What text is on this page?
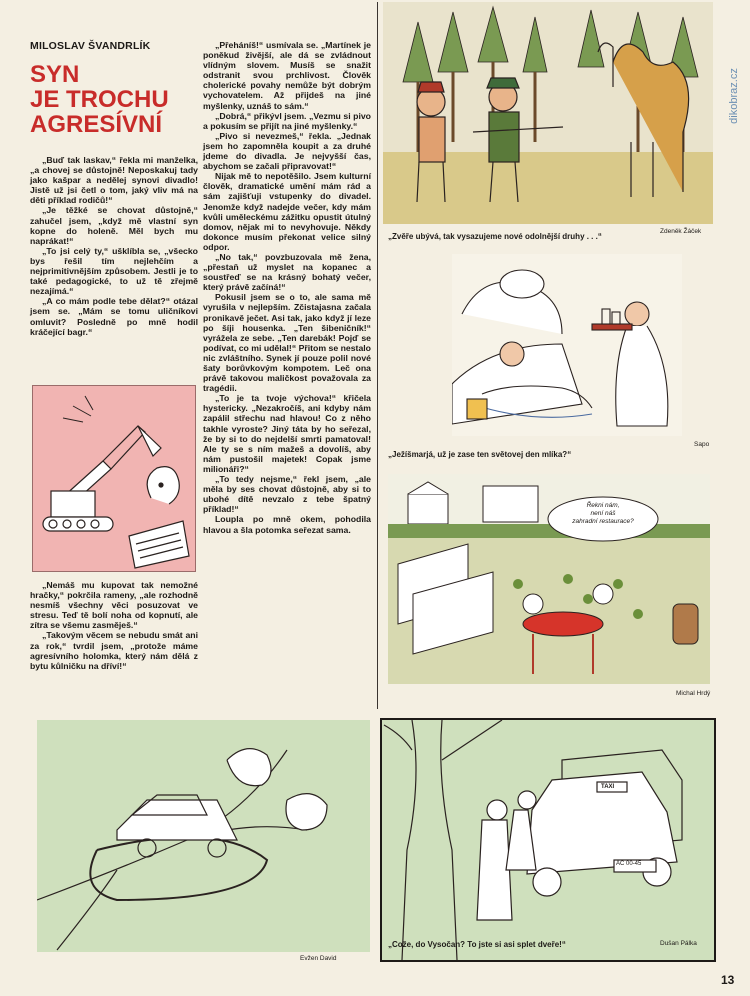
MILOSLAV ŠVANDRLÍK
SYN
JE TROCHU
AGRESÍVNÍ

„Buď tak laskav,“ řekla mi manželka, „a chovej se důstojně! Neposkakuj tady jako kašpar a nedělej synovi divadlo! Jistě už jsi četl o tom, jaký vliv má na děti příklad rodičů!“

„Je těžké se chovat důstojně,“ zahučel jsem, „když mě vlastní syn kopne do holeně. Měl bych mu naprákat!“

„To jsi celý ty,“ ušklíbla se, „všecko bys řešil tím nejlehčím a nejprimitivnějším způsobem. Jestli je to také pedagogické, to už tě zřejmě nezajímá.“

„A co mám podle tebe dělat?“ otázal jsem se. „Mám se tomu uličníkovi omluvit? Posledně po mně hodil kráčející bagr.“

„Nemáš mu kupovat tak nemožné hračky,“ pokrčila rameny, „ale rozhodně nesmíš všechny věci posuzovat ve stresu. Teď tě bolí noha od kopnutí, ale zítra se všemu zasměješ.“

„Takovým věcem se nebudu smát ani za rok,“ tvrdil jsem, „protože máme agresívního holomka, který nám dělá z bytu kůlničku na dříví!“

„Přeháníš!“ usmívala se. „Martínek je poněkud živější, ale dá se zvládnout vlídným slovem. Musíš se snažit odstranit svou prchlivost. Člověk cholerické povahy nemůže být dobrým vychovatelem. Až přijdeš na jiné myšlenky, uznáš to sám.“

„Dobrá,“ přikývl jsem. „Vezmu si pivo a pokusím se přijít na jiné myšlenky.“

„Pivo si nevezmeš,“ řekla. „Jednak jsem ho zapomněla koupit a za druhé jdeme do divadla. Je nejvyšší čas, abychom se začali připravovat!“

Nijak mě to nepotěšilo. Jsem kulturní člověk, dramatické umění mám rád a sám zajišťuji vstupenky do divadel. Jenomže když nadejde večer, kdy mám kvůli uměleckému zážitku opustit útulný domov, nějak mi to nevyhovuje. Někdy dokonce musím překonat velice silný odpor.

„No tak,“ povzbuzovala mě žena, „přestaň už myslet na kopanec a soustřeď se na krásný bohatý večer, který právě začíná!“

Pokusil jsem se o to, ale sama mě vyrušila v nejlepším. Zčistajasna začala pronikavě ječet. Asi tak, jako když jí leze po šíji housenka. „Ten šibeničník!“ vyrážela ze sebe. „Ten darebák! Pojď se podívat, co mi udělal!“ Přitom se nestalo nic zvláštního. Synek jí pouze polil nové šaty borůvkovým kompotem. Leč ona právě takovou maličkost považovala za tragédii.

„To je ta tvoje výchova!“ křičela hystericky. „Nezakročíš, ani kdyby nám zapálil střechu nad hlavou! Co z něho takhle vyroste? Jiný táta by ho seřezal, že by si to do nejdelší smrti pamatoval! Ale ty se s ním mažeš a dovolíš, aby nám pustošil majetek! Copak jsme milionáři?“

„To tedy nejsme,“ řekl jsem, „ale měla by ses chovat důstojně, aby si to ubohé dítě nevzalo z tebe špatný příklad!“

Loupla po mně okem, pohodila hlavou a šla potomka seřezat sama.

„Zvěře ubývá, tak vysazujeme nové odolnější druhy . . .“
Zdeněk Žáček
„Ježíšmarjá, už je zase ten světovej den mlíka?“
Sapo
Řekni nám,
není náš
zahradní restaurace?
Michal Hrdý
Evžen David
TAXI
AC 00-45
„Cože, do Vysočan? To jste si asi splet dveře!“	Dušan Pálka
dikobraz.cz
13
